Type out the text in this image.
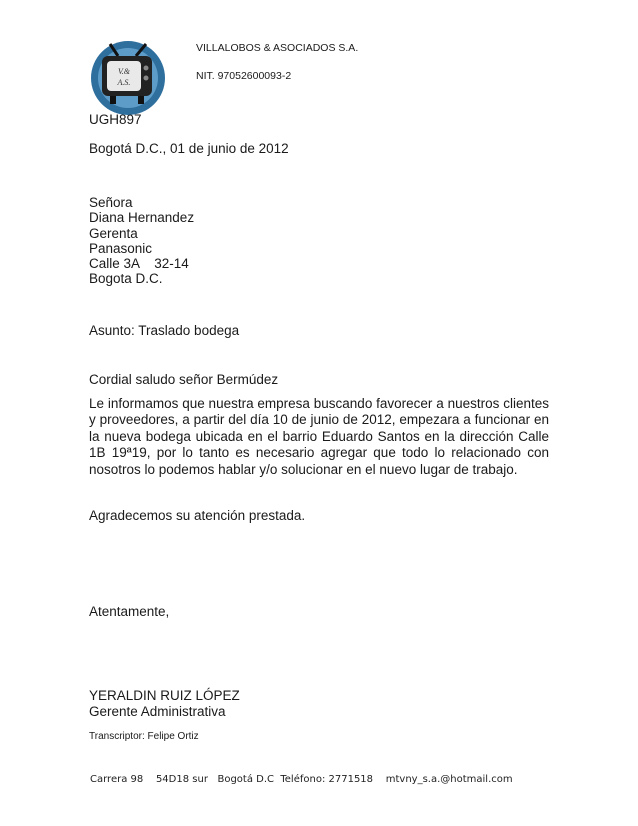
V.&
A.S.
VILLALOBOS & ASOCIADOS S.A.
NIT. 97052600093-2
UGH897
Bogotá D.C., 01 de junio de 2012
Señora
Diana Hernandez
Gerenta
Panasonic
Calle 3A    32-14
Bogota D.C.
Asunto: Traslado bodega
Cordial saludo señor Bermúdez
Le informamos que nuestra empresa buscando favorecer a nuestros clientes y proveedores, a partir del día 10 de junio de 2012, empezara a funcionar en la nueva bodega ubicada en el barrio Eduardo Santos en la dirección Calle 1B 19ª19, por lo tanto es necesario agregar que todo lo relacionado con nosotros lo podemos hablar y/o solucionar en el nuevo lugar de trabajo.
Agradecemos su atención prestada.
Atentamente,
YERALDIN RUIZ LÓPEZ
Gerente Administrativa
Transcriptor: Felipe Ortiz
Carrera 98    54D18 sur   Bogotá D.C  Teléfono: 2771518    mtvny_s.a.@hotmail.com
